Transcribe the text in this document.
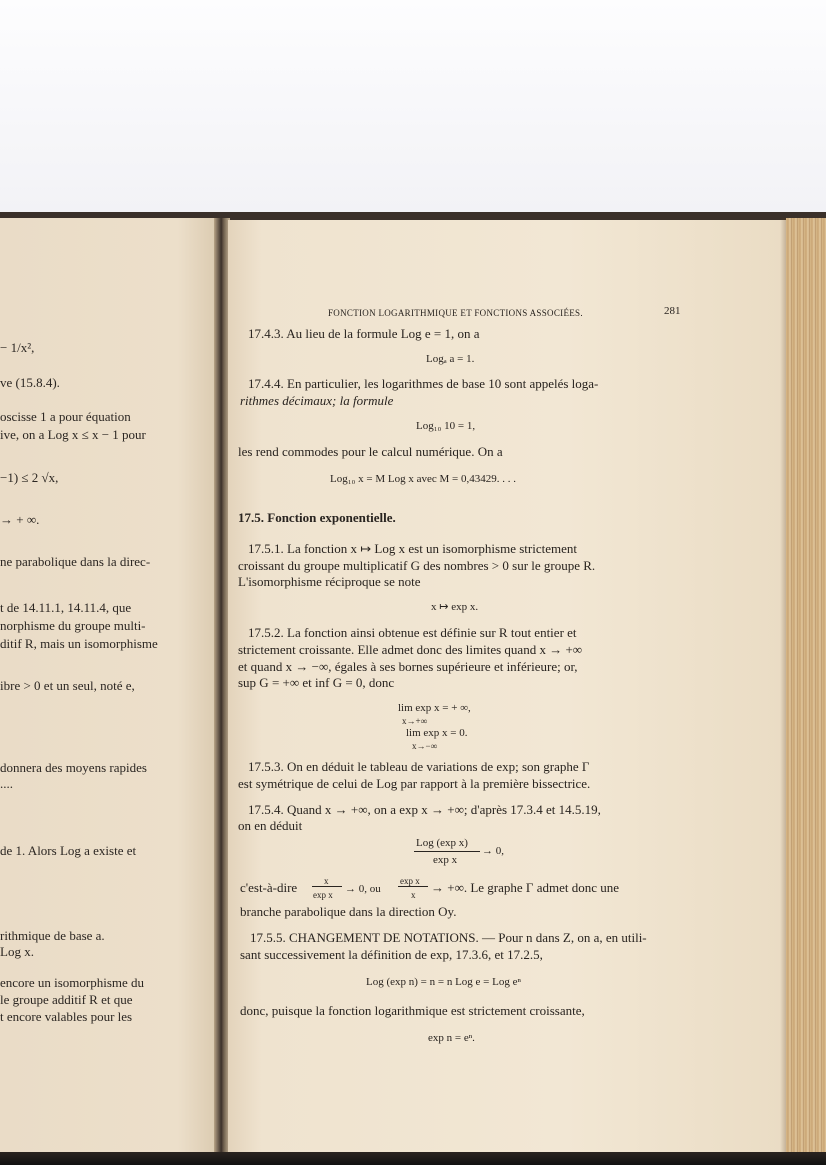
− 1/x²,
ve (15.8.4).
oscisse 1 a pour équation
ive, on a Log x ≤ x − 1 pour
−1) ≤ 2 √x,
→ + ∞.
ne parabolique dans la direc-
t de 14.11.1, 14.11.4, que
norphisme du groupe multi-
ditif R, mais un isomorphisme
ibre > 0 et un seul, noté e,
donnera des moyens rapides
....
de 1. Alors Log a existe et
rithmique de base a.
Log x.
encore un isomorphisme du
le groupe additif R et que
t encore valables pour les
FONCTION LOGARITHMIQUE ET FONCTIONS ASSOCIÉES.	281
17.4.3. Au lieu de la formule Log e = 1, on a
Logₐ a = 1.
17.4.4. En particulier, les logarithmes de base 10 sont appelés loga-
rithmes décimaux; la formule
Log₁₀ 10 = 1,
les rend commodes pour le calcul numérique. On a
Log₁₀ x = M Log x avec M = 0,43429. . . .
17.5. Fonction exponentielle.
17.5.1. La fonction x ↦ Log x est un isomorphisme strictement
croissant du groupe multiplicatif G des nombres > 0 sur le groupe R.
L'isomorphisme réciproque se note
x ↦ exp x.
17.5.2. La fonction ainsi obtenue est définie sur R tout entier et
strictement croissante. Elle admet donc des limites quand x → +∞
et quand x → −∞, égales à ses bornes supérieure et inférieure; or,
sup G = +∞ et inf G = 0, donc
lim exp x = + ∞,
x→+∞
lim exp x = 0.
x→−∞
17.5.3. On en déduit le tableau de variations de exp; son graphe Γ
est symétrique de celui de Log par rapport à la première bissectrice.
17.5.4. Quand x → +∞, on a exp x → +∞; d'après 17.3.4 et 14.5.19,
on en déduit
Log (exp x)
exp x
→ 0,
c'est-à-dire	x
exp x → 0, ou
exp x
x → +∞. Le graphe Γ admet donc une
branche parabolique dans la direction Oy.
17.5.5. CHANGEMENT DE NOTATIONS. — Pour n dans Z, on a, en utili-
sant successivement la définition de exp, 17.3.6, et 17.2.5,
Log (exp n) = n = n Log e = Log eⁿ
donc, puisque la fonction logarithmique est strictement croissante,
exp n = eⁿ.
